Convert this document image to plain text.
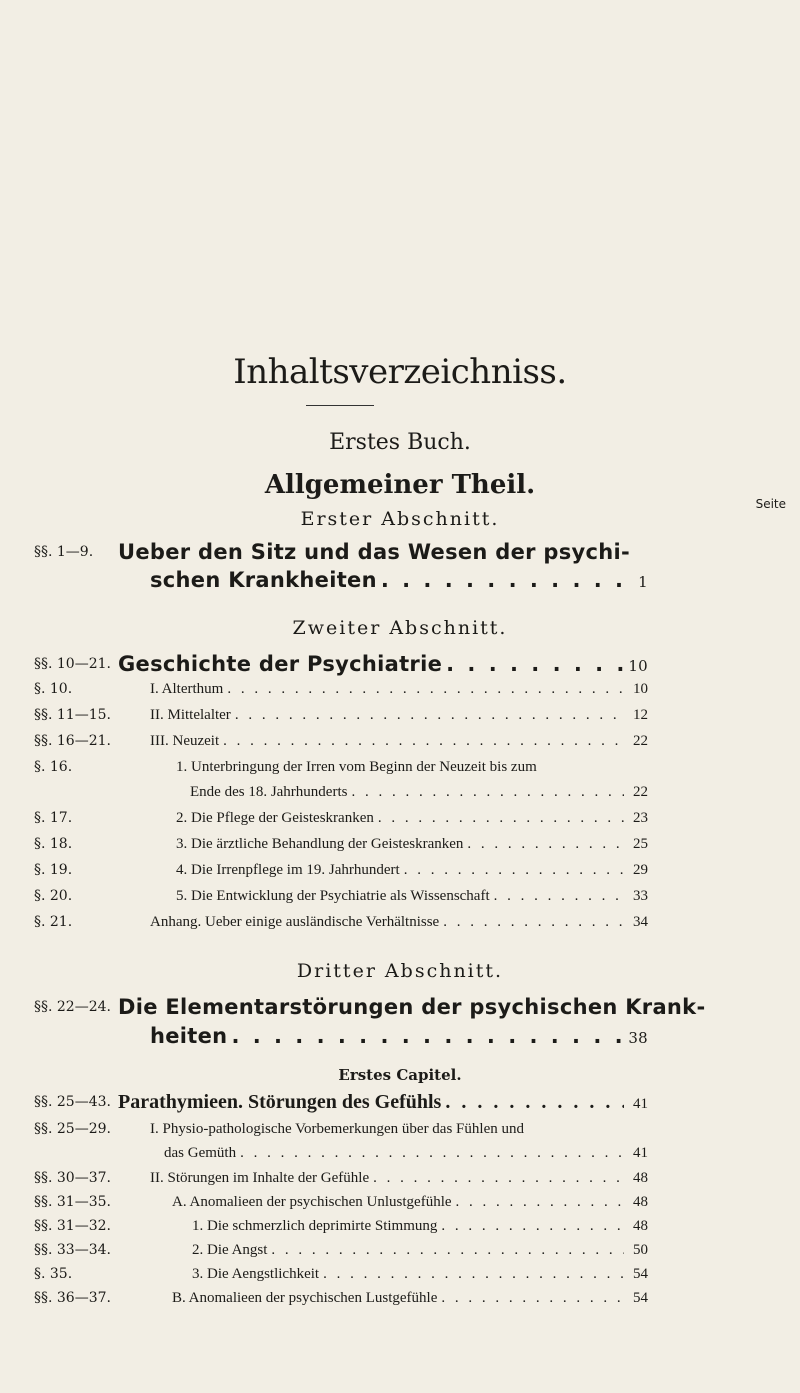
Inhaltsverzeichniss.
Erstes Buch.
Allgemeiner Theil.
Erster Abschnitt.
Seite
§§. 1—9. Ueber den Sitz und das Wesen der psychi-
schen Krankheiten . . .	1
Zweiter Abschnitt.
§§. 10—21. Geschichte der Psychiatrie . . .	10
§. 10.	I. Alterthum . . .	10
§§. 11—15.	II. Mittelalter . . .	12
§§. 16—21.	III. Neuzeit . . .	22
§. 16.	1. Unterbringung der Irren vom Beginn der Neuzeit bis zum
Ende des 18. Jahrhunderts . . .	22
§. 17.	2. Die Pflege der Geisteskranken . . .	23
§. 18.	3. Die ärztliche Behandlung der Geisteskranken . . .	25
§. 19.	4. Die Irrenpflege im 19. Jahrhundert . . .	29
§. 20.	5. Die Entwicklung der Psychiatrie als Wissenschaft . . .	33
§. 21.	Anhang. Ueber einige ausländische Verhältnisse . . .	34
Dritter Abschnitt.
§§. 22—24. Die Elementarstörungen der psychischen Krank-
heiten . . .	38
Erstes Capitel.
§§. 25—43. Parathymieen. Störungen des Gefühls . . .	41
§§. 25—29.	I. Physio-pathologische Vorbemerkungen über das Fühlen und
das Gemüth . . .	41
§§. 30—37.	II. Störungen im Inhalte der Gefühle . . .	48
§§. 31—35.	A. Anomalieen der psychischen Unlustgefühle . . .	48
§§. 31—32.	1. Die schmerzlich deprimirte Stimmung . . .	48
§§. 33—34.	2. Die Angst . . .	50
§. 35.	3. Die Aengstlichkeit . . .	54
§§. 36—37.	B. Anomalieen der psychischen Lustgefühle . . .	54
